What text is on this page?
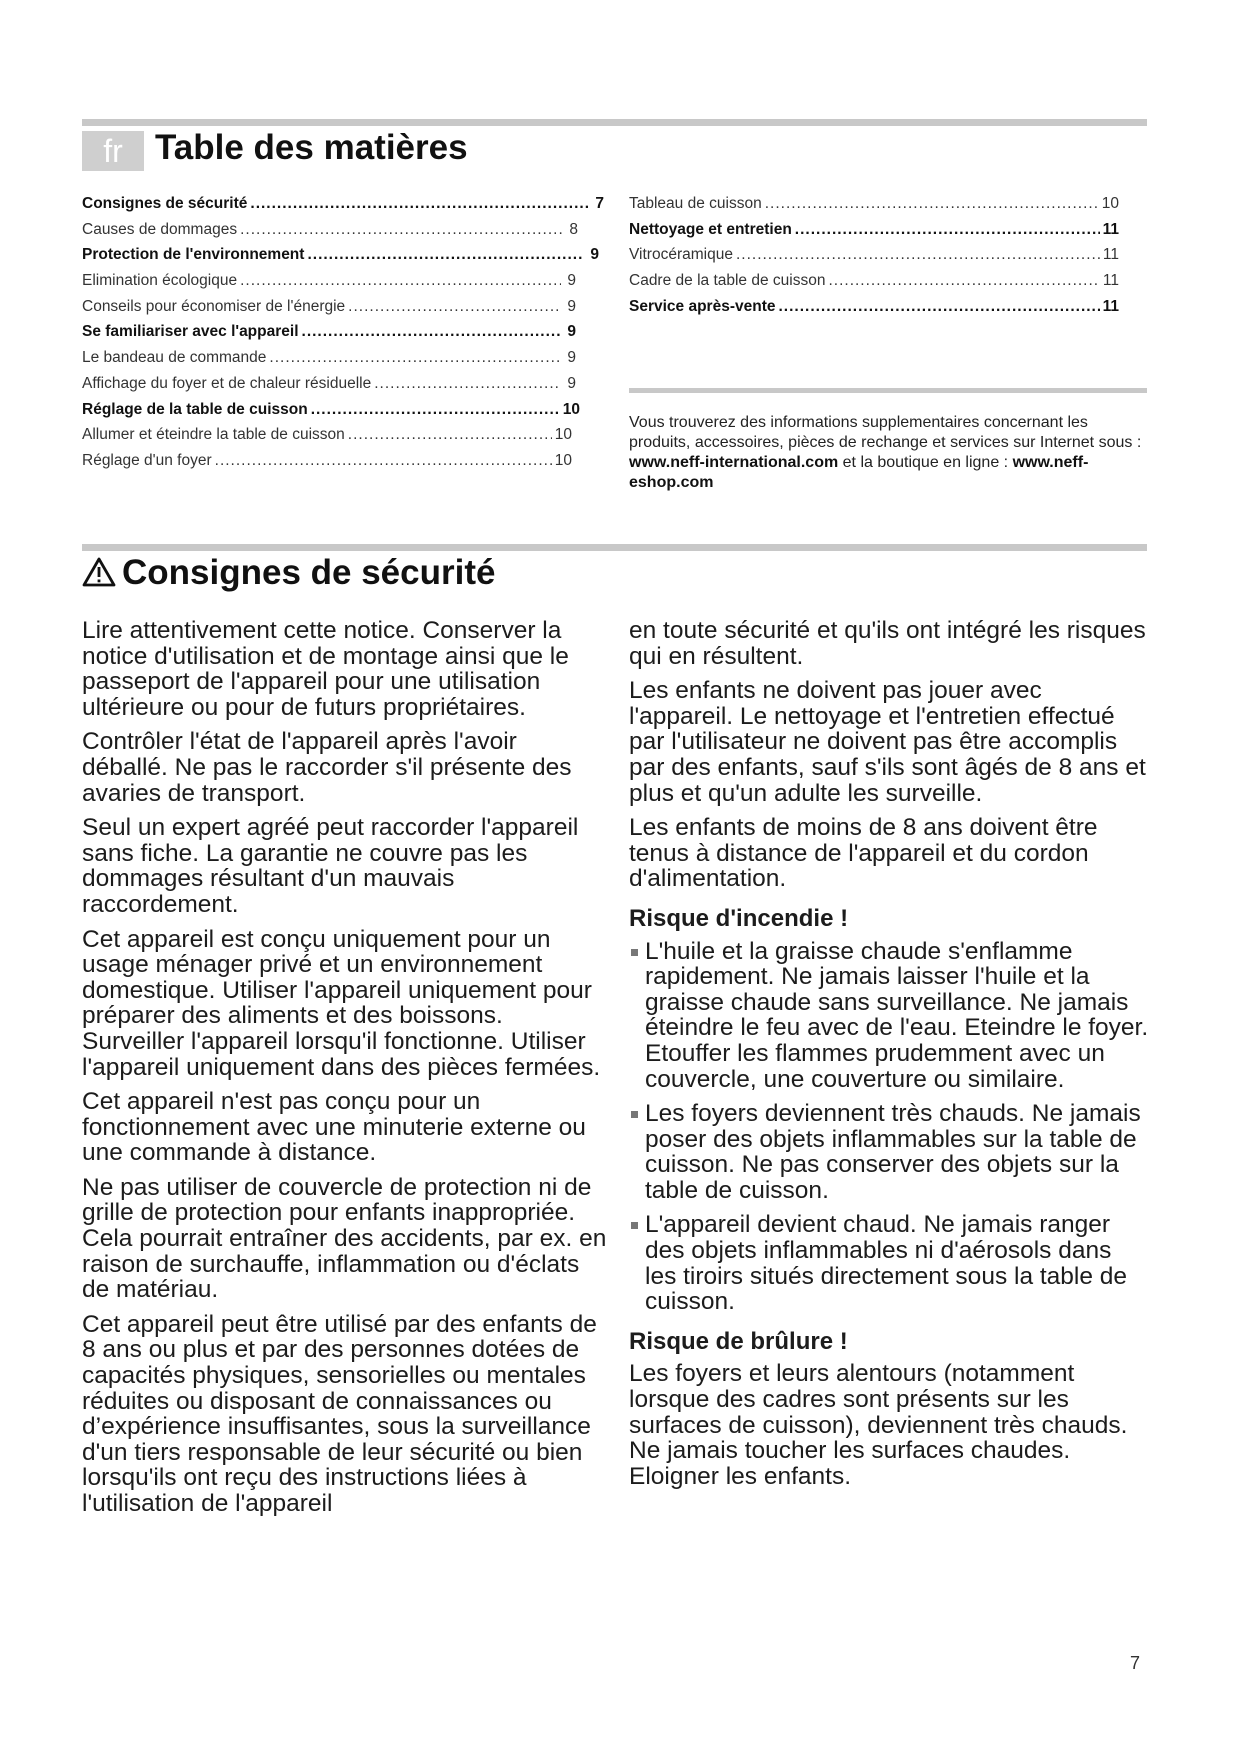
fr Table des matières
Consignes de sécurité .....	7
Causes de dommages .....	8
Protection de l'environnement .....	9
Elimination écologique .....	9
Conseils pour économiser de l'énergie .....	9
Se familiariser avec l'appareil .....	9
Le bandeau de commande .....	9
Affichage du foyer et de chaleur résiduelle .....	9
Réglage de la table de cuisson .....	10
Allumer et éteindre la table de cuisson .....	10
Réglage d'un foyer .....	10
Tableau de cuisson .....	10
Nettoyage et entretien .....	11
Vitrocéramique .....	11
Cadre de la table de cuisson .....	11
Service après-vente .....	11
Vous trouverez des informations supplementaires concernant les produits, accessoires, pièces de rechange et services sur Internet sous : www.neff-international.com et la boutique en ligne : www.neff-eshop.com
Consignes de sécurité

Lire attentivement cette notice. Conserver la notice d'utilisation et de montage ainsi que le passeport de l'appareil pour une utilisation ultérieure ou pour de futurs propriétaires.

Contrôler l'état de l'appareil après l'avoir déballé. Ne pas le raccorder s'il présente des avaries de transport.

Seul un expert agréé peut raccorder l'appareil sans fiche. La garantie ne couvre pas les dommages résultant d'un mauvais raccordement.

Cet appareil est conçu uniquement pour un usage ménager privé et un environnement domestique. Utiliser l'appareil uniquement pour préparer des aliments et des boissons. Surveiller l'appareil lorsqu'il fonctionne. Utiliser l'appareil uniquement dans des pièces fermées.

Cet appareil n'est pas conçu pour un fonctionnement avec une minuterie externe ou une commande à distance.

Ne pas utiliser de couvercle de protection ni de grille de protection pour enfants inappropriée. Cela pourrait entraîner des accidents, par ex. en raison de surchauffe, inflammation ou d'éclats de matériau.

Cet appareil peut être utilisé par des enfants de 8 ans ou plus et par des personnes dotées de capacités physiques, sensorielles ou mentales réduites ou disposant de connaissances ou d’expérience insuffisantes, sous la surveillance d'un tiers responsable de leur sécurité ou bien lorsqu'ils ont reçu des instructions liées à l'utilisation de l'appareil

en toute sécurité et qu'ils ont intégré les risques qui en résultent.

Les enfants ne doivent pas jouer avec l'appareil. Le nettoyage et l'entretien effectué par l'utilisateur ne doivent pas être accomplis par des enfants, sauf s'ils sont âgés de 8 ans et plus et qu'un adulte les surveille.

Les enfants de moins de 8 ans doivent être tenus à distance de l'appareil et du cordon d'alimentation.

Risque d'incendie !
L'huile et la graisse chaude s'enflamme rapidement. Ne jamais laisser l'huile et la graisse chaude sans surveillance. Ne jamais éteindre le feu avec de l'eau. Eteindre le foyer. Etouffer les flammes prudemment avec un couvercle, une couverture ou similaire.
Les foyers deviennent très chauds. Ne jamais poser des objets inflammables sur la table de cuisson. Ne pas conserver des objets sur la table de cuisson.
L'appareil devient chaud. Ne jamais ranger des objets inflammables ni d'aérosols dans les tiroirs situés directement sous la table de cuisson.
Risque de brûlure !

Les foyers et leurs alentours (notamment lorsque des cadres sont présents sur les surfaces de cuisson), deviennent très chauds. Ne jamais toucher les surfaces chaudes. Eloigner les enfants.

7
